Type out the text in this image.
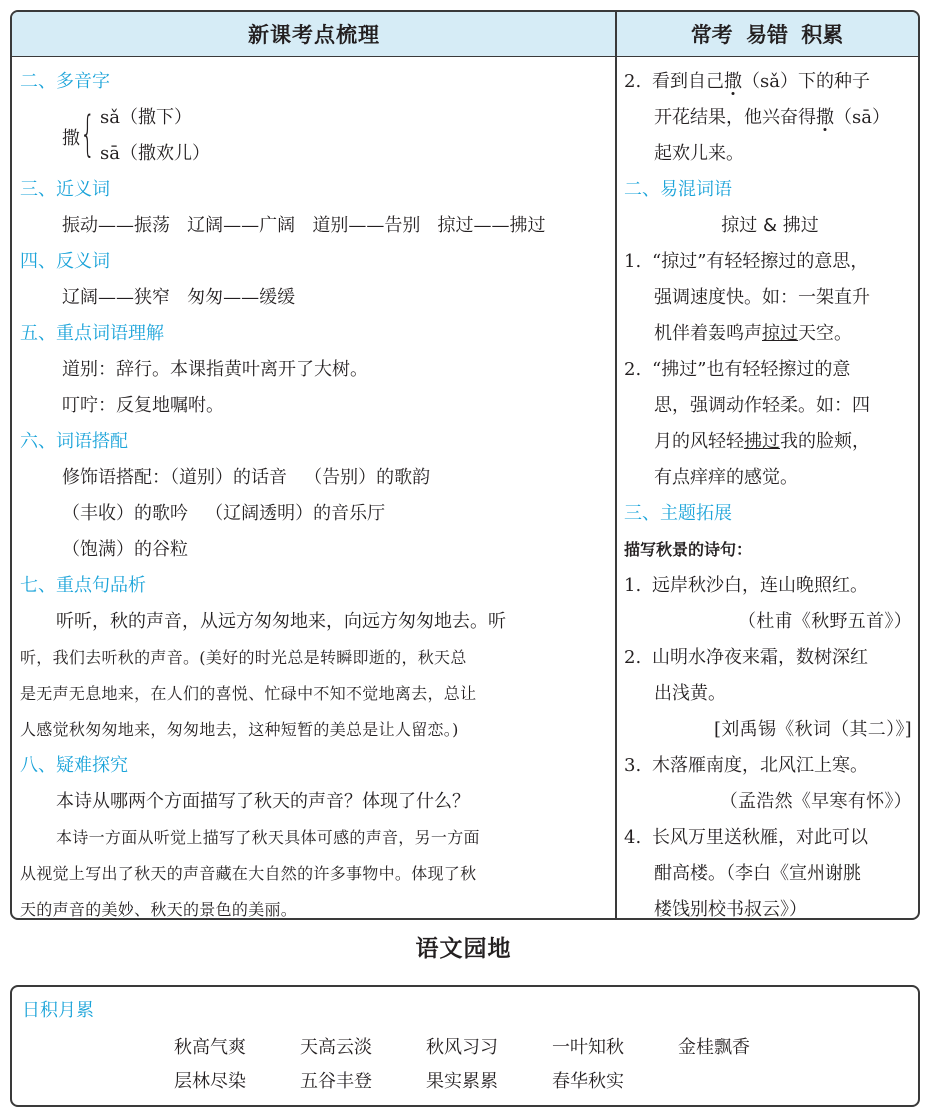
新课考点梳理	常考 易错 积累
二、多音字
撒 { sǎ（撒下）
sā（撒欢儿）
三、近义词
振动——振荡   辽阔——广阔   道别——告别   掠过——拂过
四、反义词
辽阔——狭窄   匆匆——缓缓
五、重点词语理解
道别：辞行。本课指黄叶离开了大树。
叮咛：反复地嘱咐。
六、词语搭配
修饰语搭配：（道别）的话音   （告别）的歌韵
（丰收）的歌吟   （辽阔透明）的音乐厅
（饱满）的谷粒
七、重点句品析
听听，秋的声音，从远方匆匆地来，向远方匆匆地去。听
听，我们去听秋的声音。(美好的时光总是转瞬即逝的，秋天总
是无声无息地来，在人们的喜悦、忙碌中不知不觉地离去，总让
人感觉秋匆匆地来，匆匆地去，这种短暂的美总是让人留恋。)
八、疑难探究
本诗从哪两个方面描写了秋天的声音？体现了什么？
本诗一方面从听觉上描写了秋天具体可感的声音，另一方面
从视觉上写出了秋天的声音藏在大自然的许多事物中。体现了秋
天的声音的美妙、秋天的景色的美丽。
2. 看到自己撒（sǎ）下的种子
开花结果，他兴奋得撒（sā）
起欢儿来。
二、易混词语
掠过 & 拂过
1. “掠过”有轻轻擦过的意思，
强调速度快。如：一架直升
机伴着轰鸣声掠过天空。
2. “拂过”也有轻轻擦过的意
思，强调动作轻柔。如：四
月的风轻轻拂过我的脸颊，
有点痒痒的感觉。
三、主题拓展
描写秋景的诗句：
1. 远岸秋沙白，连山晚照红。
（杜甫《秋野五首》）
2. 山明水净夜来霜，数树深红
出浅黄。
[刘禹锡《秋词（其二）》]
3. 木落雁南度，北风江上寒。
（孟浩然《早寒有怀》）
4. 长风万里送秋雁，对此可以
酣高楼。（李白《宣州谢朓
楼饯别校书叔云》）
语文园地
日积月累
秋高气爽	天高云淡	秋风习习	一叶知秋	金桂飘香
层林尽染	五谷丰登	果实累累	春华秋实
